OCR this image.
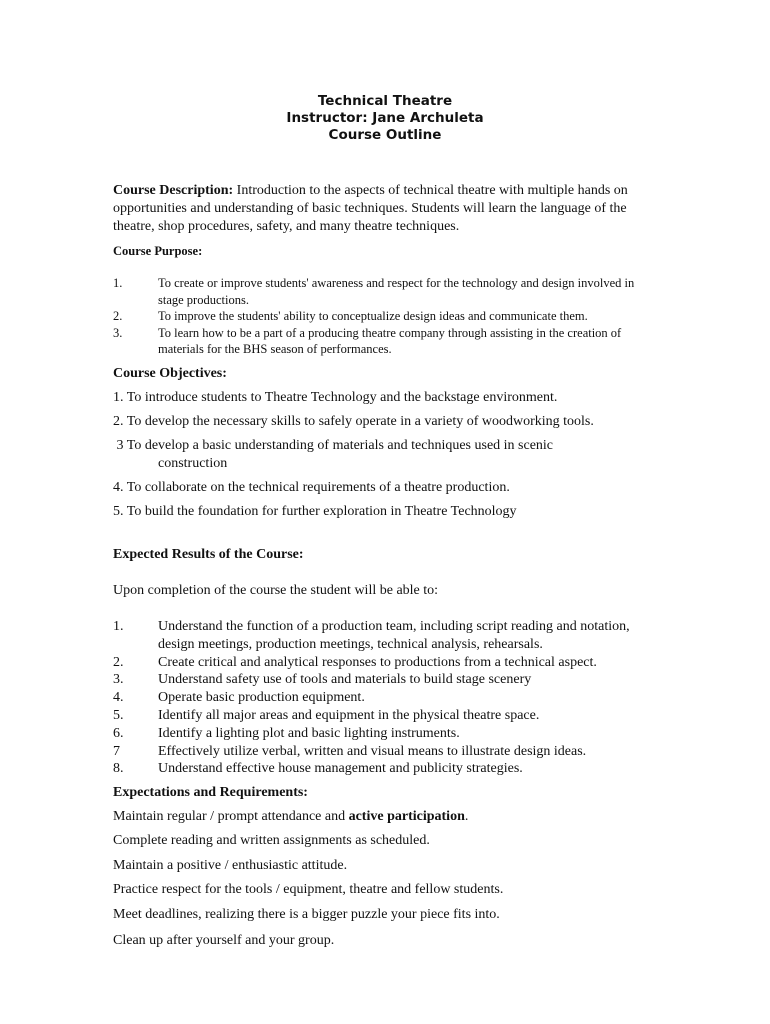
Technical Theatre
Instructor: Jane Archuleta
Course Outline
Course Description: Introduction to the aspects of technical theatre with multiple hands on opportunities and understanding of basic techniques. Students will learn the language of the theatre, shop procedures, safety, and many theatre techniques.
Course Purpose:
1.	To create or improve students' awareness and respect for the technology and design involved in stage productions.
2.	To improve the students' ability to conceptualize design ideas and communicate them.
3.	To learn how to be a part of a producing theatre company through assisting in the creation of materials for the BHS season of performances.
Course Objectives:
1. To introduce students to Theatre Technology and the backstage environment.
2. To develop the necessary skills to safely operate in a variety of woodworking tools.
3 To develop a basic understanding of materials and techniques used in scenic
construction
4. To collaborate on the technical requirements of a theatre production.
5. To build the foundation for further exploration in Theatre Technology
Expected Results of the Course:
Upon completion of the course the student will be able to:
1. Understand the function of a production team, including script reading and notation, design meetings, production meetings, technical analysis, rehearsals.
2. Create critical and analytical responses to productions from a technical aspect.
3. Understand safety use of tools and materials to build stage scenery
4. Operate basic production equipment.
5. Identify all major areas and equipment in the physical theatre space.
6. Identify a lighting plot and basic lighting instruments.
7	Effectively utilize verbal, written and visual means to illustrate design ideas.
8. Understand effective house management and publicity strategies.
Expectations and Requirements:
Maintain regular / prompt attendance and active participation.
Complete reading and written assignments as scheduled.
Maintain a positive / enthusiastic attitude.
Practice respect for the tools / equipment, theatre and fellow students.
Meet deadlines, realizing there is a bigger puzzle your piece fits into.
Clean up after yourself and your group.
